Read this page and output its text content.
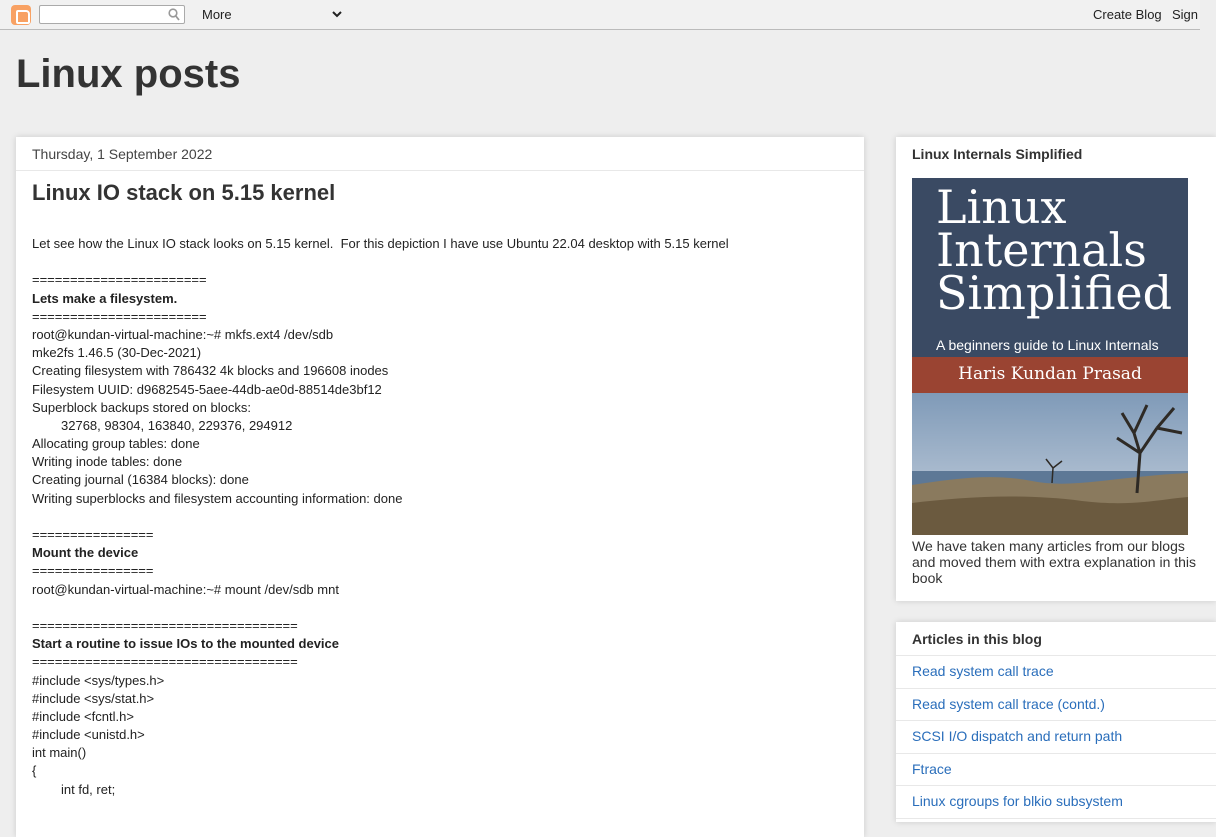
More	Create Blog Sign
Linux posts
Thursday, 1 September 2022
Linux IO stack on 5.15 kernel
Let see how the Linux IO stack looks on 5.15 kernel.  For this depiction I have use Ubuntu 22.04 desktop with 5.15 kernel
=======================
Lets make a filesystem.
=======================
root@kundan-virtual-machine:~# mkfs.ext4 /dev/sdb
mke2fs 1.46.5 (30-Dec-2021)
Creating filesystem with 786432 4k blocks and 196608 inodes
Filesystem UUID: d9682545-5aee-44db-ae0d-88514de3bf12
Superblock backups stored on blocks:
32768, 98304, 163840, 229376, 294912
Allocating group tables: done
Writing inode tables: done
Creating journal (16384 blocks): done
Writing superblocks and filesystem accounting information: done
================
Mount the device
================
root@kundan-virtual-machine:~# mount /dev/sdb mnt
===================================
Start a routine to issue IOs to the mounted device
===================================
#include <sys/types.h>
#include <sys/stat.h>
#include <fcntl.h>
#include <unistd.h>
int main()
{
int fd, ret;
Linux Internals Simplified
Linux Internals Simplified
A beginners guide to Linux Internals
Haris Kundan Prasad
We have taken many articles from our blogs and moved them with extra explanation in this book
Articles in this blog
Read system call trace
Read system call trace (contd.)
SCSI I/O dispatch and return path
Ftrace
Linux cgroups for blkio subsystem
